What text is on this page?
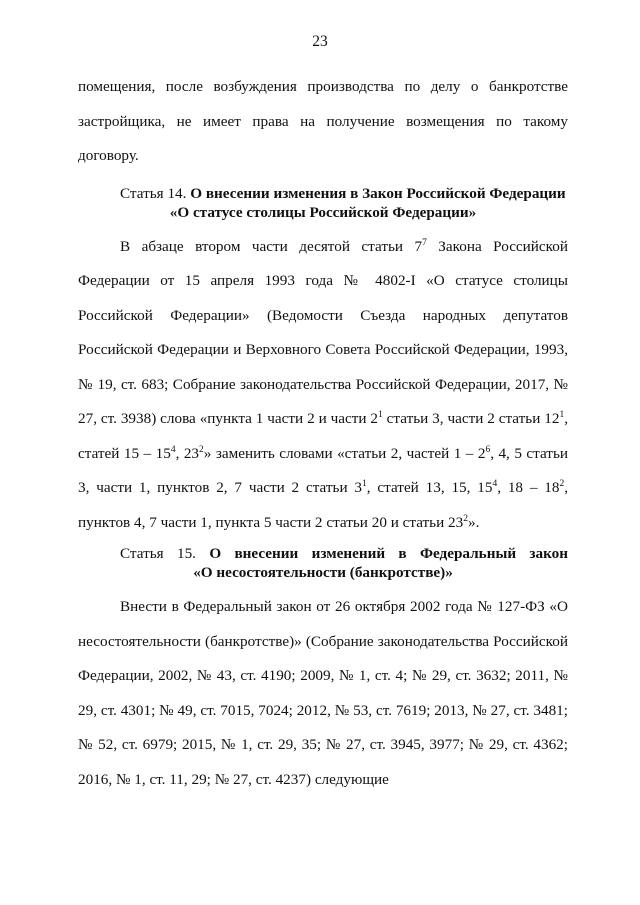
23

помещения, после возбуждения производства по делу о банкротстве застройщика, не имеет права на получение возмещения по такому договору.

Статья 14. О внесении изменения в Закон Российской Федерации
«О статусе столицы Российской Федерации»

В абзаце втором части десятой статьи $7^7$ Закона Российской Федерации от 15 апреля 1993 года № 4802-I «О статусе столицы Российской Федерации» (Ведомости Съезда народных депутатов Российской Федерации и Верховного Совета Российской Федерации, 1993, № 19, ст. 683; Собрание законодательства Российской Федерации, 2017, № 27, ст. 3938) слова «пункта 1 части 2 и части $2^1$ статьи 3, части 2 статьи $12^1$, статей $15 - 15^4$, $23^2$» заменить словами «статьи 2, частей $1 - 2^6$, 4, 5 статьи 3, части 1, пунктов 2, 7 части 2 статьи $3^1$, статей 13, 15, $15^4$, $18 - 18^2$, пунктов 4, 7 части 1, пункта 5 части 2 статьи 20 и статьи $23^2$».

Статья 15. О внесении изменений в Федеральный закон
«О несостоятельности (банкротстве)»

Внести в Федеральный закон от 26 октября 2002 года № 127-ФЗ «О несостоятельности (банкротстве)» (Собрание законодательства Российской Федерации, 2002, № 43, ст. 4190; 2009, № 1, ст. 4; № 29, ст. 3632; 2011, № 29, ст. 4301; № 49, ст. 7015, 7024; 2012, № 53, ст. 7619; 2013, № 27, ст. 3481; № 52, ст. 6979; 2015, № 1, ст. 29, 35; № 27, ст. 3945, 3977; № 29, ст. 4362; 2016, № 1, ст. 11, 29; № 27, ст. 4237) следующие
